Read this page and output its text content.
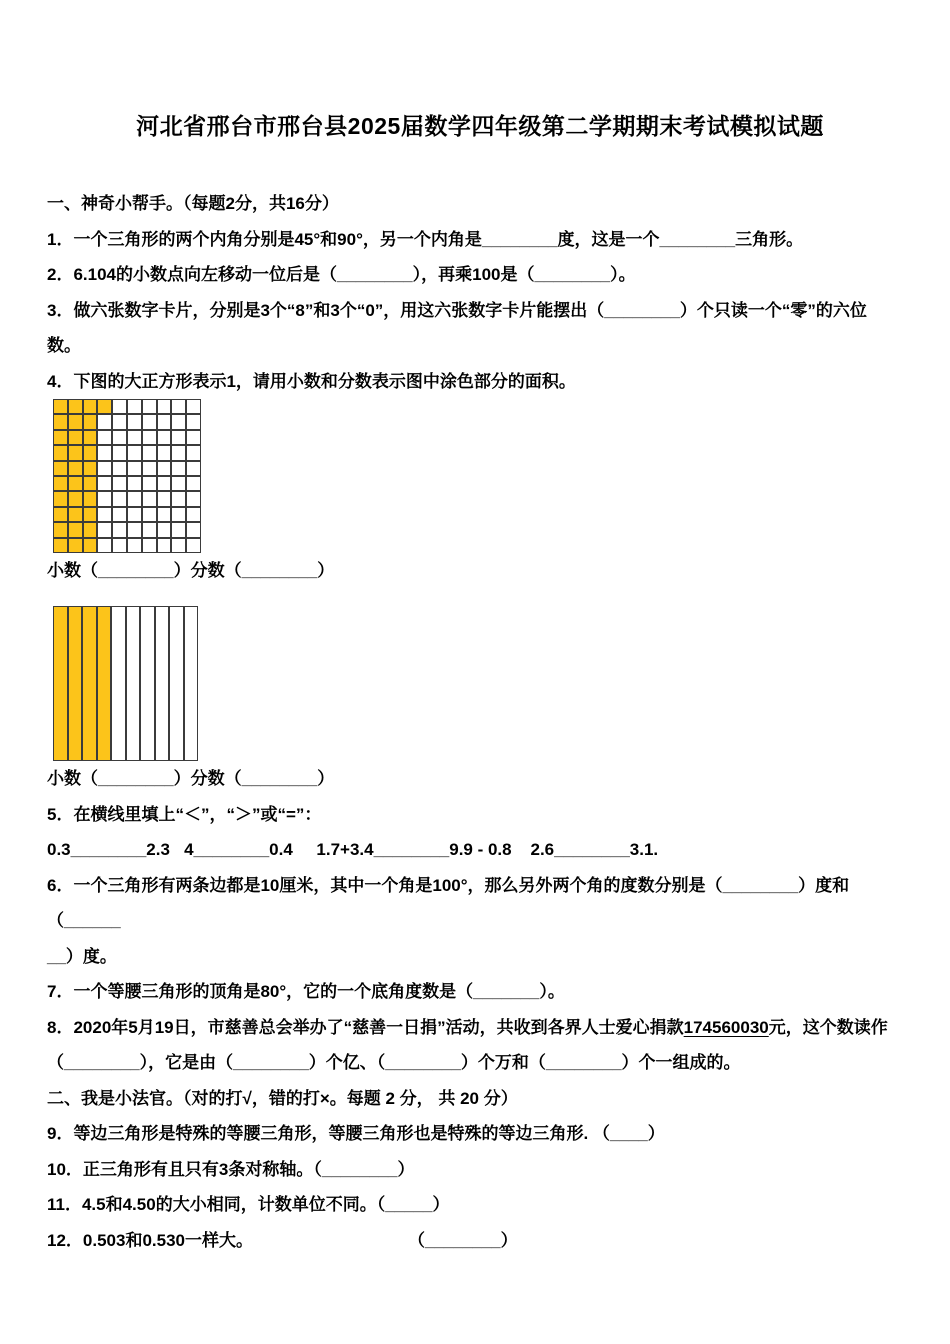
河北省邢台市邢台县2025届数学四年级第二学期期末考试模拟试题

一、神奇小帮手。（每题2分，共16分）

1．一个三角形的两个内角分别是45°和90°，另一个内角是________度，这是一个________三角形。

2．6.104的小数点向左移动一位后是（________），再乘100是（________）。

3．做六张数字卡片，分别是3个“8”和3个“0”，用这六张数字卡片能摆出（________）个只读一个“零”的六位

数。

4．下图的大正方形表示1，请用小数和分数表示图中涂色部分的面积。

小数（________）分数（________）

小数（________）分数（________）

5．在横线里填上“＜”，“＞”或“=”：

0.3________2.3   4________0.4     1.7+3.4________9.9 - 0.8    2.6________3.1.

6．一个三角形有两条边都是10厘米，其中一个角是100°，那么另外两个角的度数分别是（________）度和（______

__）度。

7．一个等腰三角形的顶角是80°，它的一个底角度数是（_______）。

8．2020年5月19日，市慈善总会举办了“慈善一日捐”活动，共收到各界人士爱心捐款174560030元，这个数读作

（________），它是由（________）个亿、（________）个万和（________）个一组成的。

二、我是小法官。（对的打√，错的打×。每题 2 分， 共 20 分）

9．等边三角形是特殊的等腰三角形，等腰三角形也是特殊的等边三角形. （____）

10．正三角形有且只有3条对称轴。（________）

11．4.5和4.50的大小相同，计数单位不同。（_____）

12．0.503和0.530一样大。	（________）
